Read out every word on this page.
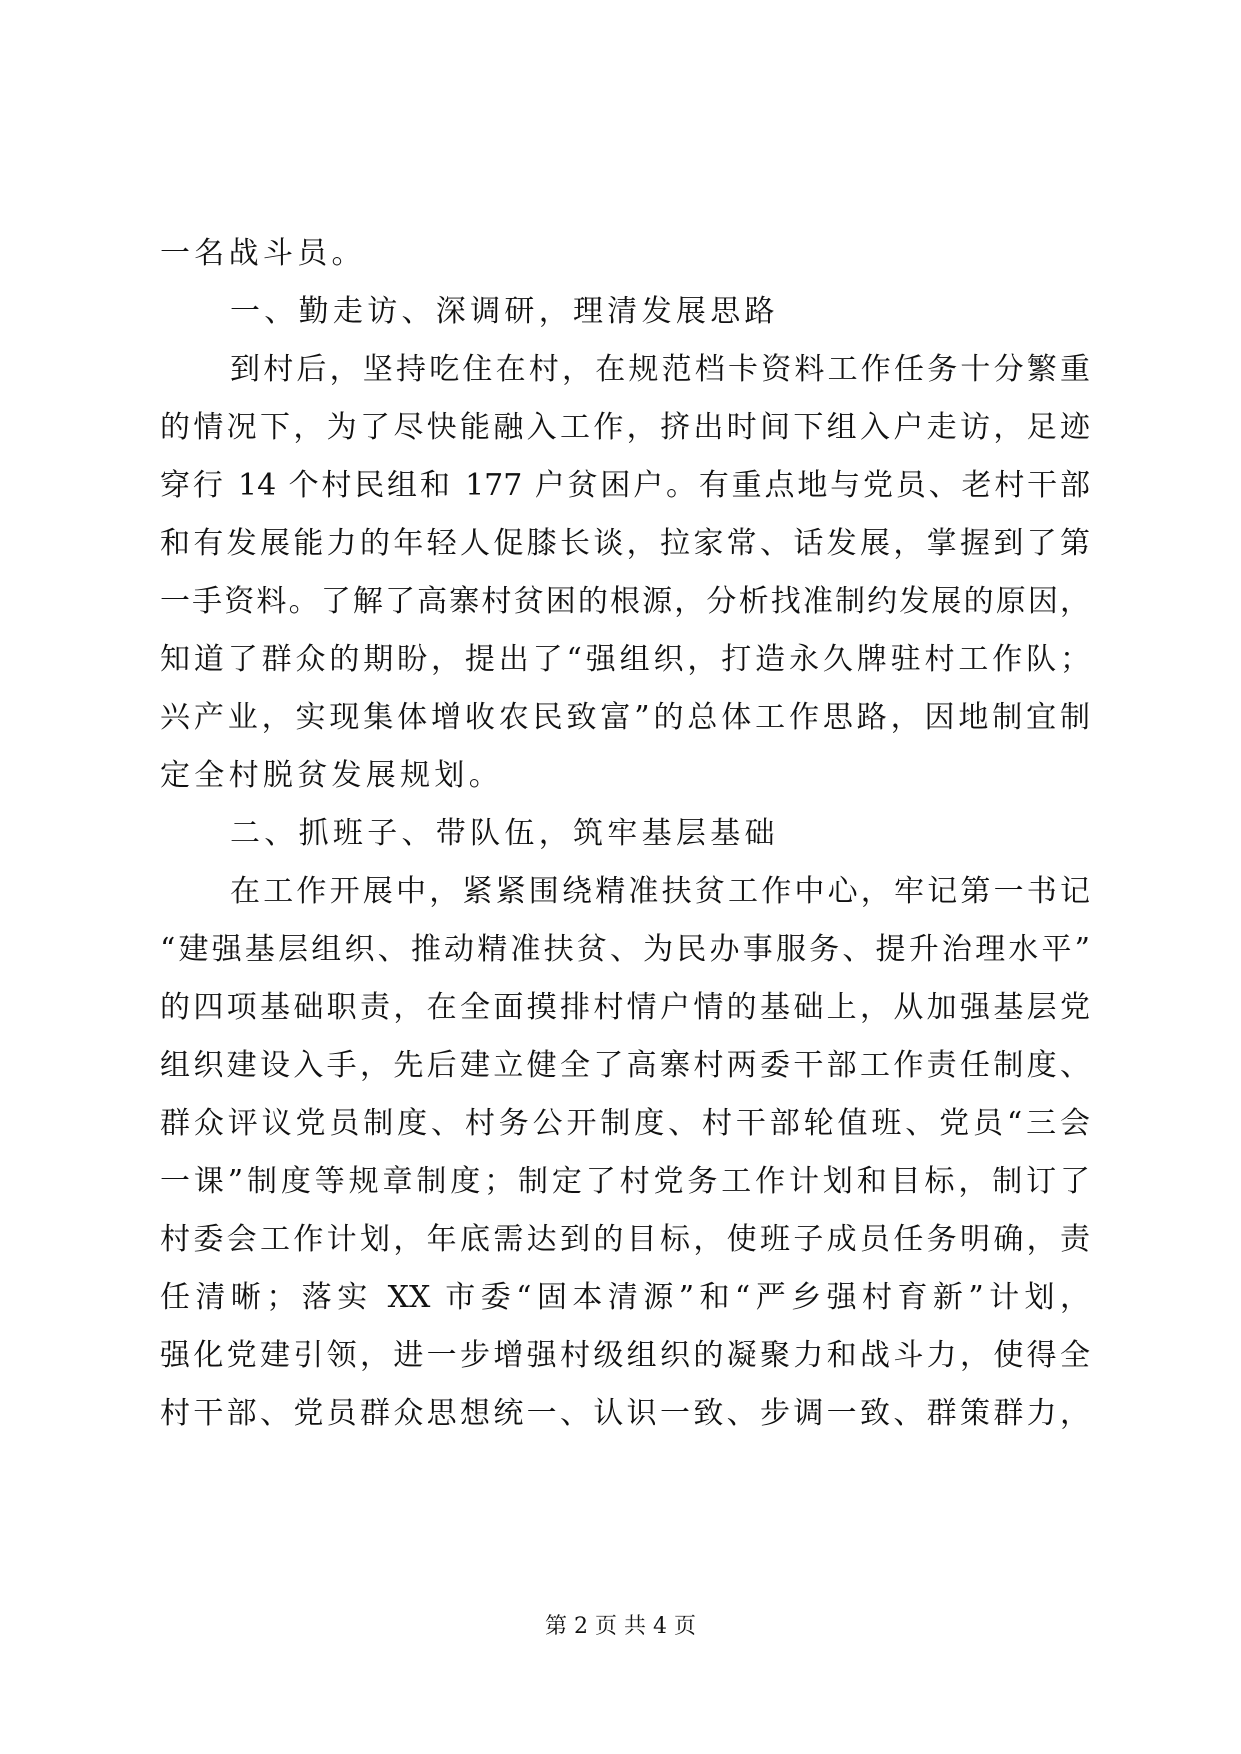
一名战斗员。
一、勤走访、深调研，理清发展思路
到村后，坚持吃住在村，在规范档卡资料工作任务十分繁重
的情况下，为了尽快能融入工作，挤出时间下组入户走访，足迹
穿行 14 个村民组和 177 户贫困户。有重点地与党员、老村干部
和有发展能力的年轻人促膝长谈，拉家常、话发展，掌握到了第
一手资料。了解了高寨村贫困的根源，分析找准制约发展的原因，
知道了群众的期盼，提出了“强组织，打造永久牌驻村工作队；
兴产业，实现集体增收农民致富”的总体工作思路，因地制宜制
定全村脱贫发展规划。
二、抓班子、带队伍，筑牢基层基础
在工作开展中，紧紧围绕精准扶贫工作中心，牢记第一书记
“建强基层组织、推动精准扶贫、为民办事服务、提升治理水平”
的四项基础职责，在全面摸排村情户情的基础上，从加强基层党
组织建设入手，先后建立健全了高寨村两委干部工作责任制度、
群众评议党员制度、村务公开制度、村干部轮值班、党员“三会
一课”制度等规章制度；制定了村党务工作计划和目标，制订了
村委会工作计划，年底需达到的目标，使班子成员任务明确，责
任清晰；落实 XX 市委“固本清源”和“严乡强村育新”计划，
强化党建引领，进一步增强村级组织的凝聚力和战斗力，使得全
村干部、党员群众思想统一、认识一致、步调一致、群策群力，
第 2 页 共 4 页
